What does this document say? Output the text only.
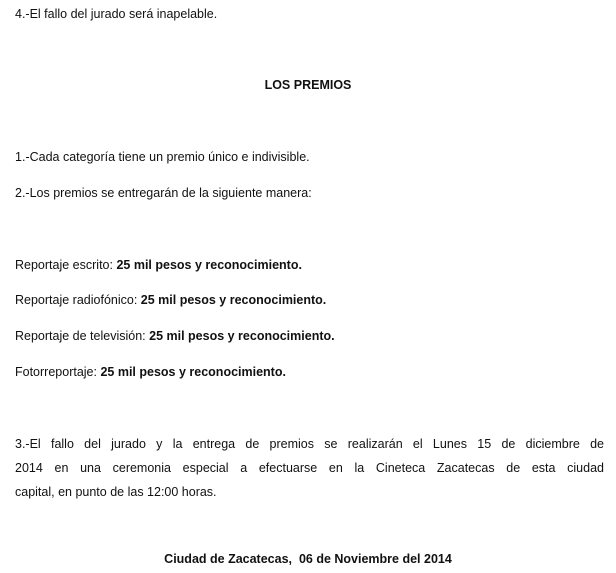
4.-El fallo del jurado será inapelable.
LOS PREMIOS
1.-Cada categoría tiene un premio único e indivisible.
2.-Los premios se entregarán de la siguiente manera:
Reportaje escrito: 25 mil pesos y reconocimiento.
Reportaje radiofónico: 25 mil pesos y reconocimiento.
Reportaje de televisión: 25 mil pesos y reconocimiento.
Fotorreportaje: 25 mil pesos y reconocimiento.
3.-El fallo del jurado y la entrega de premios se realizarán el Lunes 15 de diciembre de
2014 en una ceremonia especial a efectuarse en la Cineteca Zacatecas de esta ciudad
capital, en punto de las 12:00 horas.
Ciudad de Zacatecas,  06 de Noviembre del 2014
